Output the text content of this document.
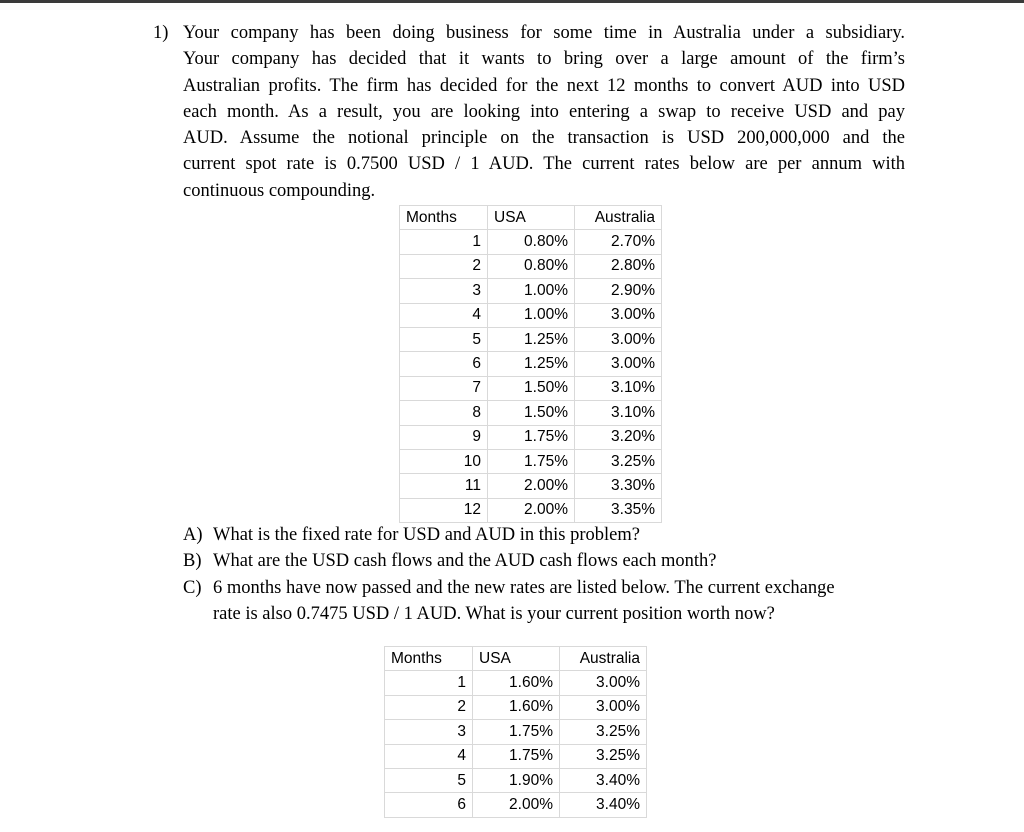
1) Your company has been doing business for some time in Australia under a subsidiary.
Your company has decided that it wants to bring over a large amount of the firm’s
Australian profits. The firm has decided for the next 12 months to convert AUD into USD
each month. As a result, you are looking into entering a swap to receive USD and pay
AUD. Assume the notional principle on the transaction is USD 200,000,000 and the
current spot rate is 0.7500 USD / 1 AUD. The current rates below are per annum with
continuous compounding.
Months	USA	Australia
1	0.80%	2.70%
2	0.80%	2.80%
3	1.00%	2.90%
4	1.00%	3.00%
5	1.25%	3.00%
6	1.25%	3.00%
7	1.50%	3.10%
8	1.50%	3.10%
9	1.75%	3.20%
10	1.75%	3.25%
11	2.00%	3.30%
12	2.00%	3.35%
A) What is the fixed rate for USD and AUD in this problem?
B) What are the USD cash flows and the AUD cash flows each month?
C) 6 months have now passed and the new rates are listed below. The current exchange
rate is also 0.7475 USD / 1 AUD. What is your current position worth now?
Months	USA	Australia
1	1.60%	3.00%
2	1.60%	3.00%
3	1.75%	3.25%
4	1.75%	3.25%
5	1.90%	3.40%
6	2.00%	3.40%
